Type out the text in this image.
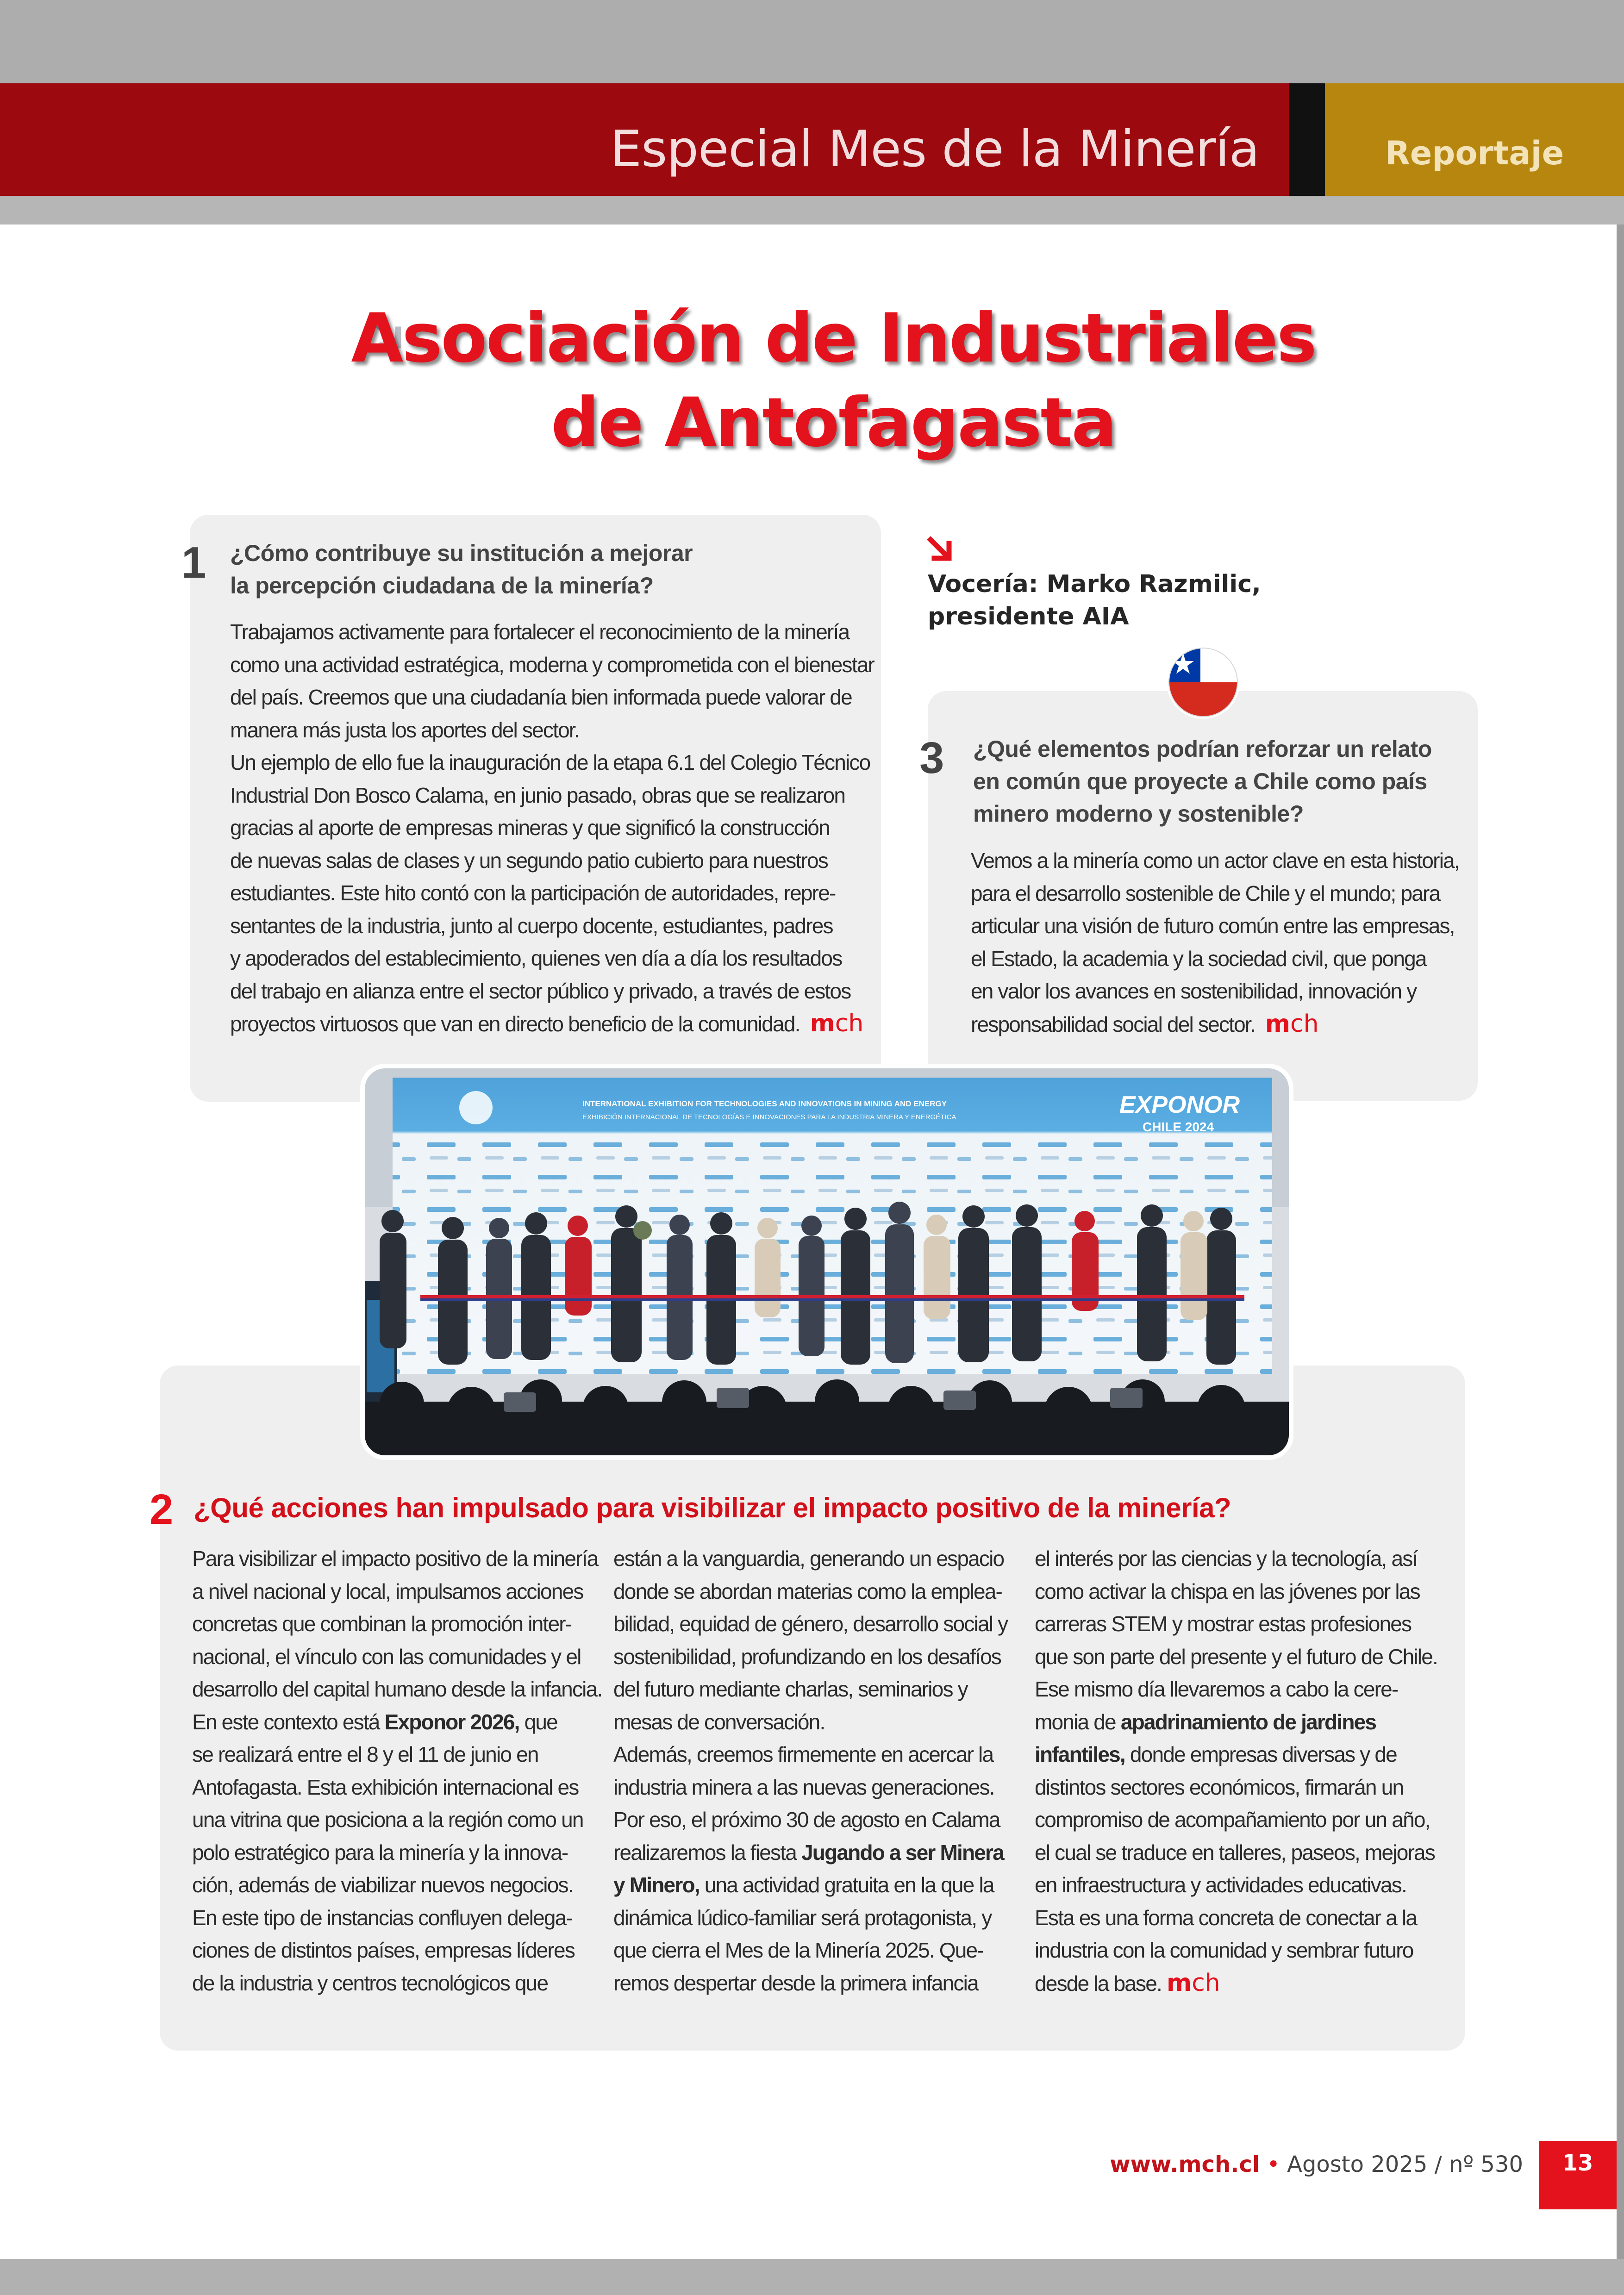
Especial Mes de la Minería	Reportaje
Asociación de Industriales
de Antofagasta
1 ¿Cómo contribuye su institución a mejorar
la percepción ciudadana de la minería?
Trabajamos activamente para fortalecer el reconocimiento de la minería
como una actividad estratégica, moderna y comprometida con el bienestar
del país. Creemos que una ciudadanía bien informada puede valorar de
manera más justa los aportes del sector.
Un ejemplo de ello fue la inauguración de la etapa 6.1 del Colegio Técnico
Industrial Don Bosco Calama, en junio pasado, obras que se realizaron
gracias al aporte de empresas mineras y que significó la construcción
de nuevas salas de clases y un segundo patio cubierto para nuestros
estudiantes. Este hito contó con la participación de autoridades, repre-
sentantes de la industria, junto al cuerpo docente, estudiantes, padres
y apoderados del establecimiento, quienes ven día a día los resultados
del trabajo en alianza entre el sector público y privado, a través de estos
proyectos virtuosos que van en directo beneficio de la comunidad. mch
Vocería: Marko Razmilic,
presidente AIA
3 ¿Qué elementos podrían reforzar un relato
en común que proyecte a Chile como país
minero moderno y sostenible?
Vemos a la minería como un actor clave en esta historia,
para el desarrollo sostenible de Chile y el mundo; para
articular una visión de futuro común entre las empresas,
el Estado, la academia y la sociedad civil, que ponga
en valor los avances en sostenibilidad, innovación y
responsabilidad social del sector. mch
INTERNATIONAL EXHIBITION FOR TECHNOLOGIES AND INNOVATIONS IN MINING AND ENERGY
EXHIBICIÓN INTERNACIONAL DE TECNOLOGÍAS E INNOVACIONES PARA LA INDUSTRIA MINERA Y ENERGÉTICA	EXPONOR
CHILE 2024
2 ¿Qué acciones han impulsado para visibilizar el impacto positivo de la minería?
Para visibilizar el impacto positivo de la minería
a nivel nacional y local, impulsamos acciones
concretas que combinan la promoción inter-
nacional, el vínculo con las comunidades y el
desarrollo del capital humano desde la infancia.
En este contexto está Exponor 2026, que
se realizará entre el 8 y el 11 de junio en
Antofagasta. Esta exhibición internacional es
una vitrina que posiciona a la región como un
polo estratégico para la minería y la innova-
ción, además de viabilizar nuevos negocios.
En este tipo de instancias confluyen delega-
ciones de distintos países, empresas líderes
de la industria y centros tecnológicos que
están a la vanguardia, generando un espacio
donde se abordan materias como la emplea-
bilidad, equidad de género, desarrollo social y
sostenibilidad, profundizando en los desafíos
del futuro mediante charlas, seminarios y
mesas de conversación.
Además, creemos firmemente en acercar la
industria minera a las nuevas generaciones.
Por eso, el próximo 30 de agosto en Calama
realizaremos la fiesta Jugando a ser Minera
y Minero, una actividad gratuita en la que la
dinámica lúdico-familiar será protagonista, y
que cierra el Mes de la Minería 2025. Que-
remos despertar desde la primera infancia
el interés por las ciencias y la tecnología, así
como activar la chispa en las jóvenes por las
carreras STEM y mostrar estas profesiones
que son parte del presente y el futuro de Chile.
Ese mismo día llevaremos a cabo la cere-
monia de apadrinamiento de jardines
infantiles, donde empresas diversas y de
distintos sectores económicos, firmarán un
compromiso de acompañamiento por un año,
el cual se traduce en talleres, paseos, mejoras
en infraestructura y actividades educativas.
Esta es una forma concreta de conectar a la
industria con la comunidad y sembrar futuro
desde la base. mch
www.mch.cl • Agosto 2025 / nº 530	13
